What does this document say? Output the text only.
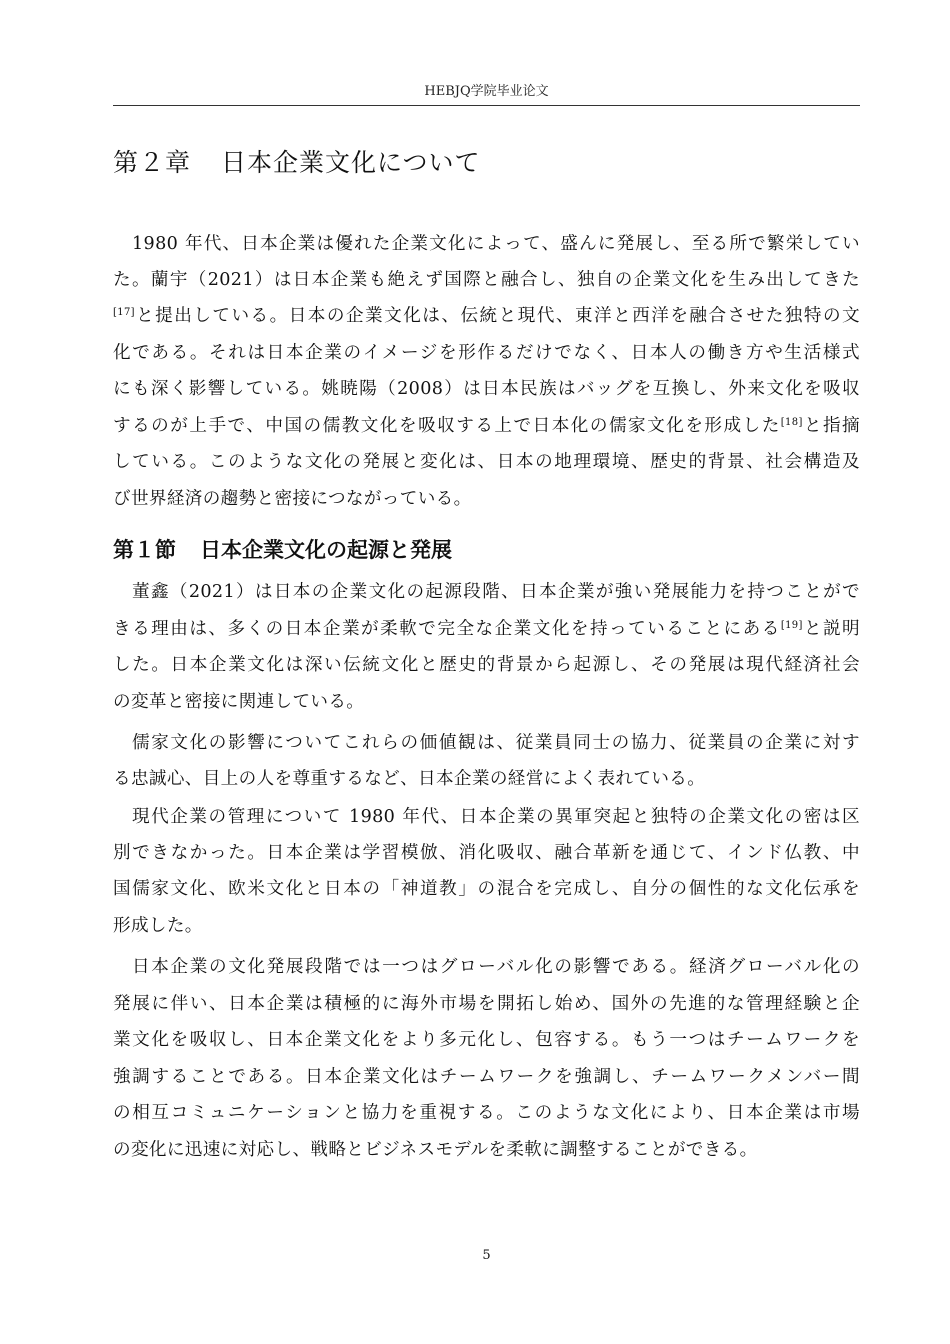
HEBJQ学院毕业论文
第２章 日本企業文化について
1980 年代、日本企業は優れた企業文化によって、盛んに発展し、至る所で繁栄してい
た。蘭宇（2021）は日本企業も絶えず国際と融合し、独自の企業文化を生み出してきた
[17]と提出している。日本の企業文化は、伝統と現代、東洋と西洋を融合させた独特の文
化である。それは日本企業のイメージを形作るだけでなく、日本人の働き方や生活様式
にも深く影響している。姚暁陽（2008）は日本民族はバッグを互換し、外来文化を吸収
するのが上手で、中国の儒教文化を吸収する上で日本化の儒家文化を形成した[18]と指摘
している。このような文化の発展と変化は、日本の地理環境、歴史的背景、社会構造及
び世界経済の趨勢と密接につながっている。
第１節 日本企業文化の起源と発展
董鑫（2021）は日本の企業文化の起源段階、日本企業が強い発展能力を持つことがで
きる理由は、多くの日本企業が柔軟で完全な企業文化を持っていることにある[19]と説明
した。日本企業文化は深い伝統文化と歴史的背景から起源し、その発展は現代経済社会
の変革と密接に関連している。
儒家文化の影響についてこれらの価値観は、従業員同士の協力、従業員の企業に対す
る忠誠心、目上の人を尊重するなど、日本企業の経営によく表れている。
現代企業の管理について 1980 年代、日本企業の異軍突起と独特の企業文化の密は区
別できなかった。日本企業は学習模倣、消化吸収、融合革新を通じて、インド仏教、中
国儒家文化、欧米文化と日本の「神道教」の混合を完成し、自分の個性的な文化伝承を
形成した。
日本企業の文化発展段階では一つはグローバル化の影響である。経済グローバル化の
発展に伴い、日本企業は積極的に海外市場を開拓し始め、国外の先進的な管理経験と企
業文化を吸収し、日本企業文化をより多元化し、包容する。もう一つはチームワークを
強調することである。日本企業文化はチームワークを強調し、チームワークメンバー間
の相互コミュニケーションと協力を重視する。このような文化により、日本企業は市場
の変化に迅速に対応し、戦略とビジネスモデルを柔軟に調整することができる。
5
